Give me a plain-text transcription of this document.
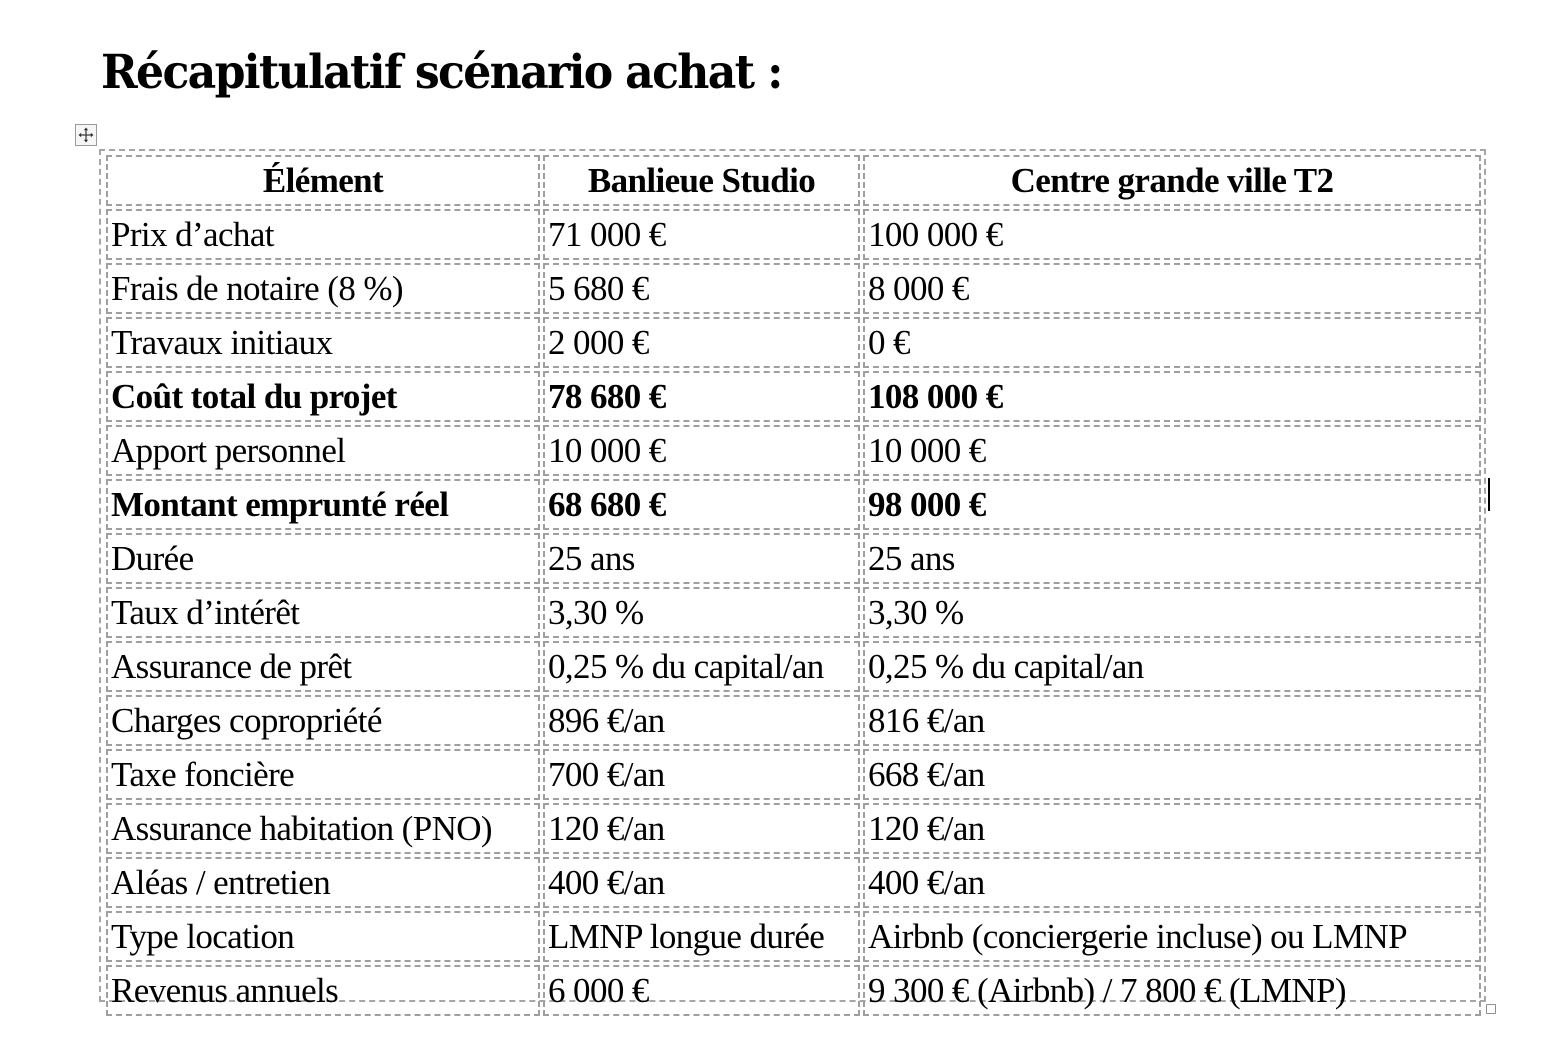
Récapitulatif scénario achat :
Élément	Banlieue Studio	Centre grande ville T2
Prix d’achat	71 000 €	100 000 €
Frais de notaire (8 %)	5 680 €	8 000 €
Travaux initiaux	2 000 €	0 €
Coût total du projet	78 680 €	108 000 €
Apport personnel	10 000 €	10 000 €
Montant emprunté réel	68 680 €	98 000 €
Durée	25 ans	25 ans
Taux d’intérêt	3,30 %	3,30 %
Assurance de prêt	0,25 % du capital/an	0,25 % du capital/an
Charges copropriété	896 €/an	816 €/an
Taxe foncière	700 €/an	668 €/an
Assurance habitation (PNO)	120 €/an	120 €/an
Aléas / entretien	400 €/an	400 €/an
Type location	LMNP longue durée	Airbnb (conciergerie incluse) ou LMNP
Revenus annuels	6 000 €	9 300 € (Airbnb) / 7 800 € (LMNP)
